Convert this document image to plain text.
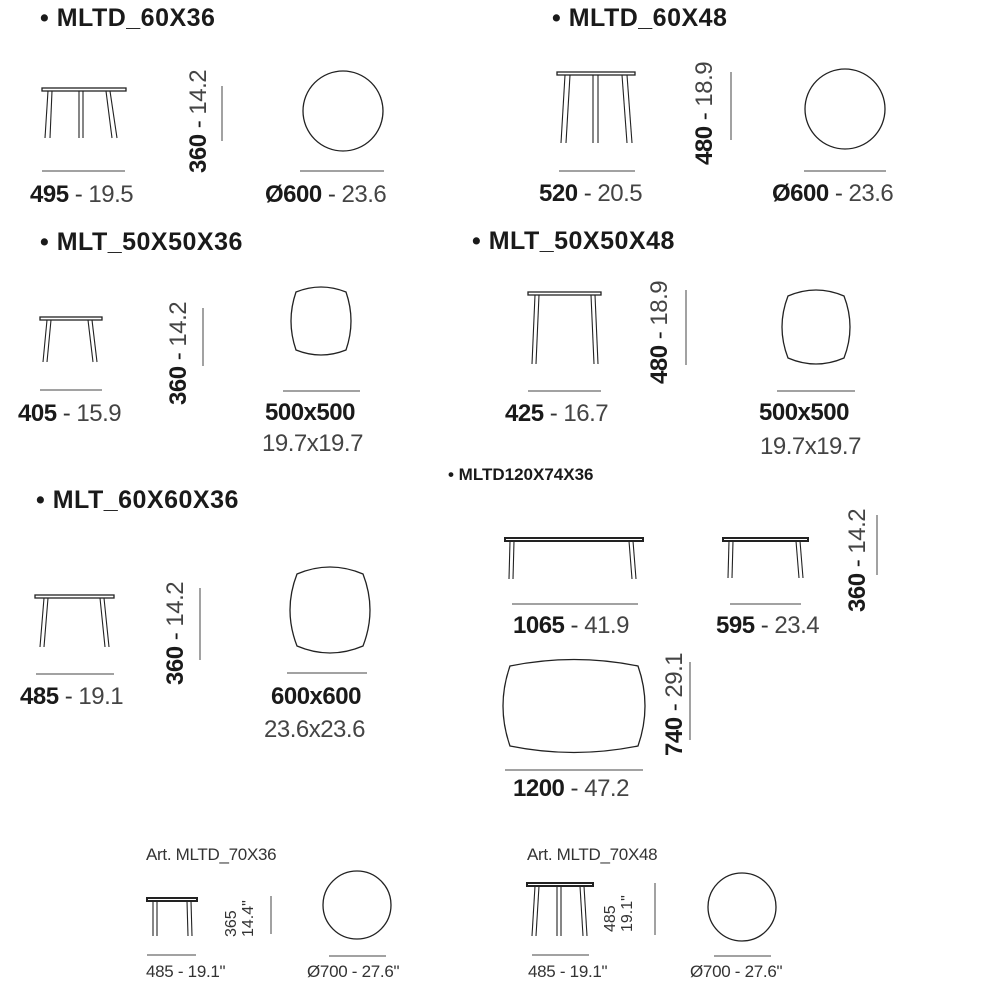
• MLTD_60X36
495 - 19.5
360 - 14.2
Ø600 - 23.6
• MLTD_60X48
520 - 20.5
480 - 18.9
Ø600 - 23.6
• MLT_50X50X36
405 - 15.9
360 - 14.2
500x500
19.7x19.7
• MLT_50X50X48
425 - 16.7
480 - 18.9
500x500
19.7x19.7
• MLT_60X60X36
485 - 19.1
360 - 14.2
600x600
23.6x23.6
• MLTD120X74X36
1065 - 41.9	595 - 23.4
360 - 14.2
1200 - 47.2
740 - 29.1
Art. MLTD_70X36
485 - 19.1"
365
14.4"
Ø700 - 27.6"
Art. MLTD_70X48
485 - 19.1"
485
19.1"
Ø700 - 27.6"
